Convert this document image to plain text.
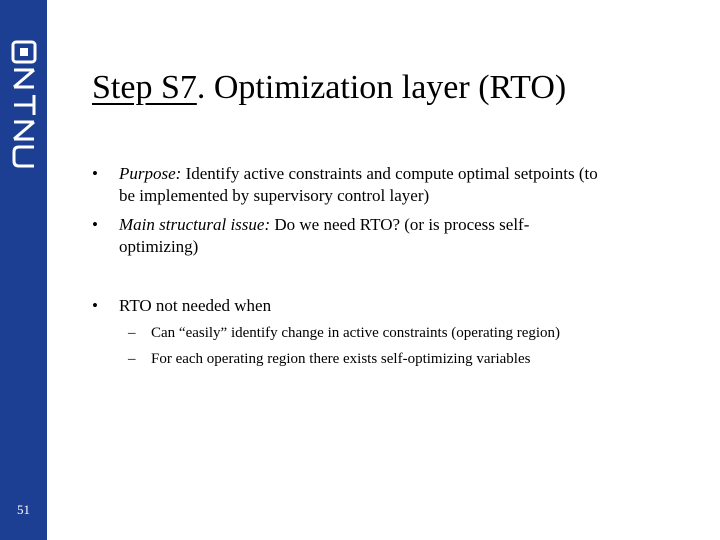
51
Step S7. Optimization layer (RTO)
•	Purpose: Identify active constraints and compute optimal setpoints (to
be implemented by supervisory control layer)
•	Main structural issue: Do we need RTO? (or is process self-
optimizing)
•	RTO not needed when
– Can “easily” identify change in active constraints (operating region)
– For each operating region there exists self-optimizing variables
